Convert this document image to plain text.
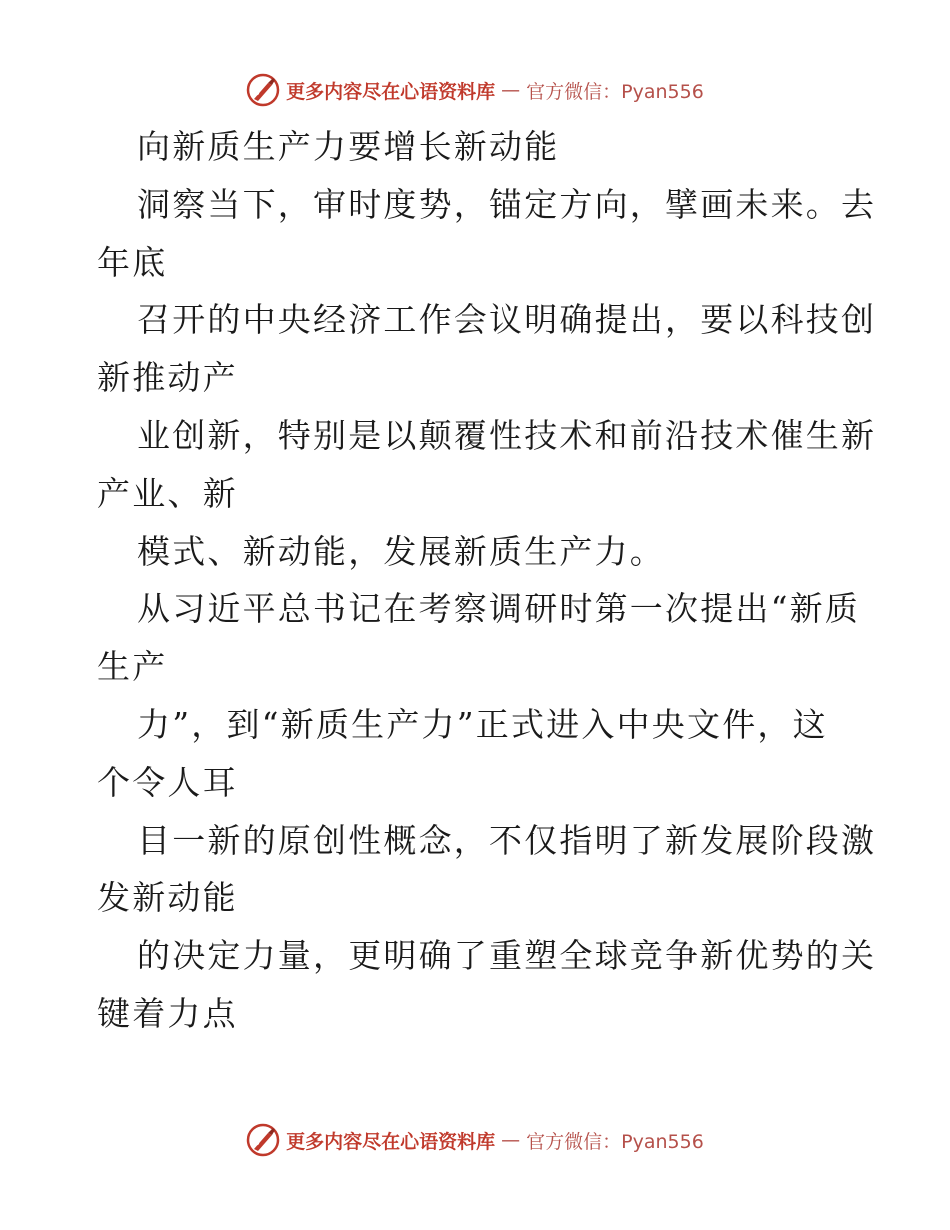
更多内容尽在心语资料库 — 官方微信：Pyan556
向新质生产力要增长新动能
洞察当下，审时度势，锚定方向，擘画未来。去
年底
召开的中央经济工作会议明确提出，要以科技创
新推动产
业创新，特别是以颠覆性技术和前沿技术催生新
产业、新
模式、新动能，发展新质生产力。
从习近平总书记在考察调研时第一次提出“新质
生产
力”，到“新质生产力”正式进入中央文件，这
个令人耳
目一新的原创性概念，不仅指明了新发展阶段激
发新动能
的决定力量，更明确了重塑全球竞争新优势的关
键着力点
更多内容尽在心语资料库 — 官方微信：Pyan556
